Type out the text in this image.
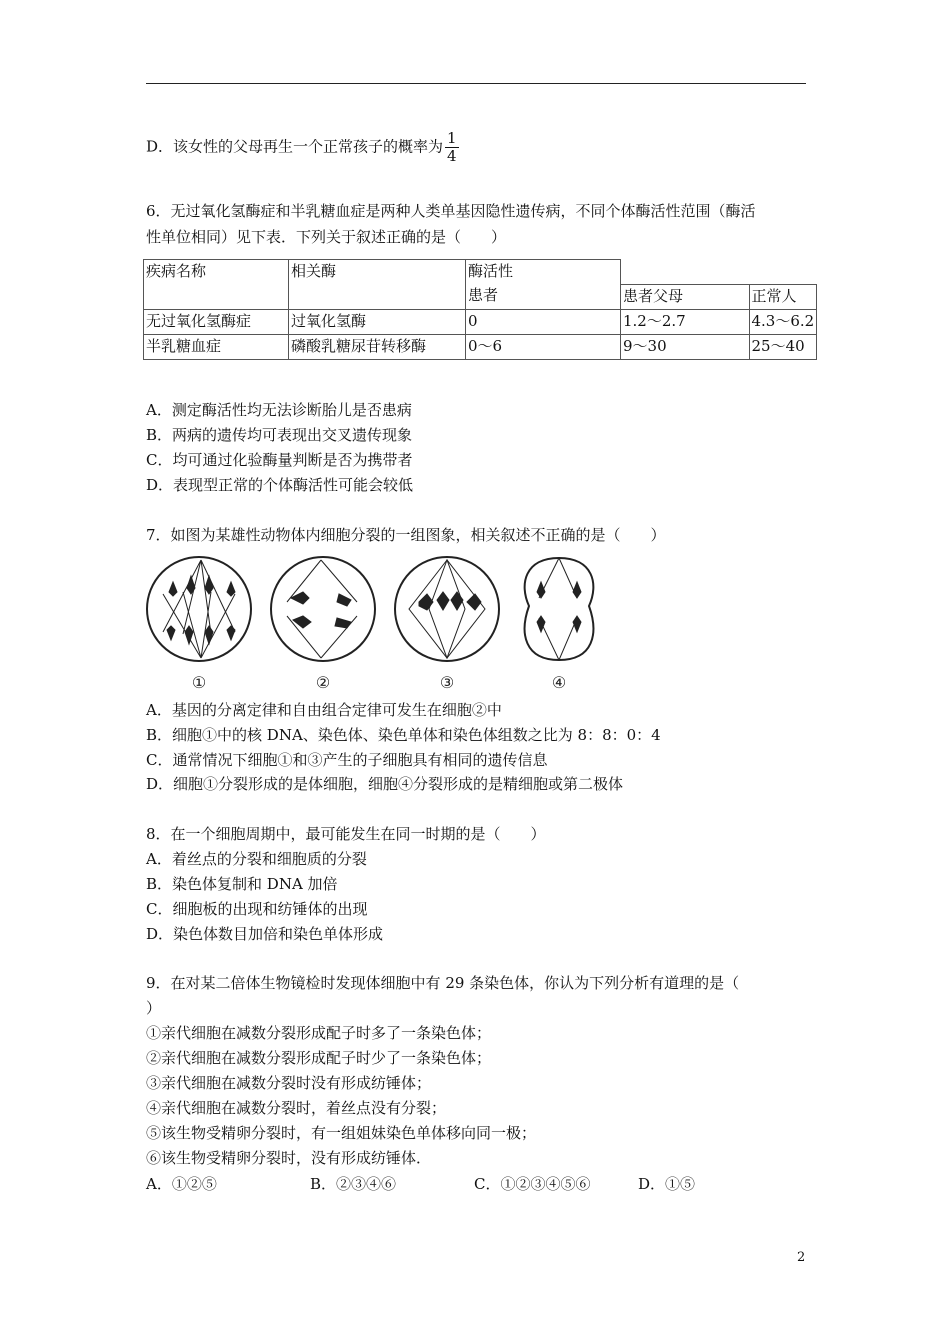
D．该女性的父母再生一个正常孩子的概率为 $\frac{1}{4}$
6．无过氧化氢酶症和半乳糖血症是两种人类单基因隐性遗传病，不同个体酶活性范围（酶活
性单位相同）见下表．下列关于叙述正确的是（　　）
疾病名称	相关酶	酶活性		
		患者	患者父母	正常人
无过氧化氢酶症	过氧化氢酶	0	1.2～2.7	4.3～6.2
半乳糖血症	磷酸乳糖尿苷转移酶	0～6	9～30	25～40
A．测定酶活性均无法诊断胎儿是否患病
B．两病的遗传均可表现出交叉遗传现象
C．均可通过化验酶量判断是否为携带者
D．表现型正常的个体酶活性可能会较低
7．如图为某雄性动物体内细胞分裂的一组图象，相关叙述不正确的是（　　）
①	②	③	④
A．基因的分离定律和自由组合定律可发生在细胞②中
B．细胞①中的核 DNA、染色体、染色单体和染色体组数之比为 8：8：0：4
C．通常情况下细胞①和③产生的子细胞具有相同的遗传信息
D．细胞①分裂形成的是体细胞，细胞④分裂形成的是精细胞或第二极体
8．在一个细胞周期中，最可能发生在同一时期的是（　　）
A．着丝点的分裂和细胞质的分裂
B．染色体复制和 DNA 加倍
C．细胞板的出现和纺锤体的出现
D．染色体数目加倍和染色单体形成
9．在对某二倍体生物镜检时发现体细胞中有 29 条染色体，你认为下列分析有道理的是（
）
①亲代细胞在减数分裂形成配子时多了一条染色体；
②亲代细胞在减数分裂形成配子时少了一条染色体；
③亲代细胞在减数分裂时没有形成纺锤体；
④亲代细胞在减数分裂时，着丝点没有分裂；
⑤该生物受精卵分裂时，有一组姐妹染色单体移向同一极；
⑥该生物受精卵分裂时，没有形成纺锤体．
A．①②⑤	B．②③④⑥	C．①②③④⑤⑥	D．①⑤
2
